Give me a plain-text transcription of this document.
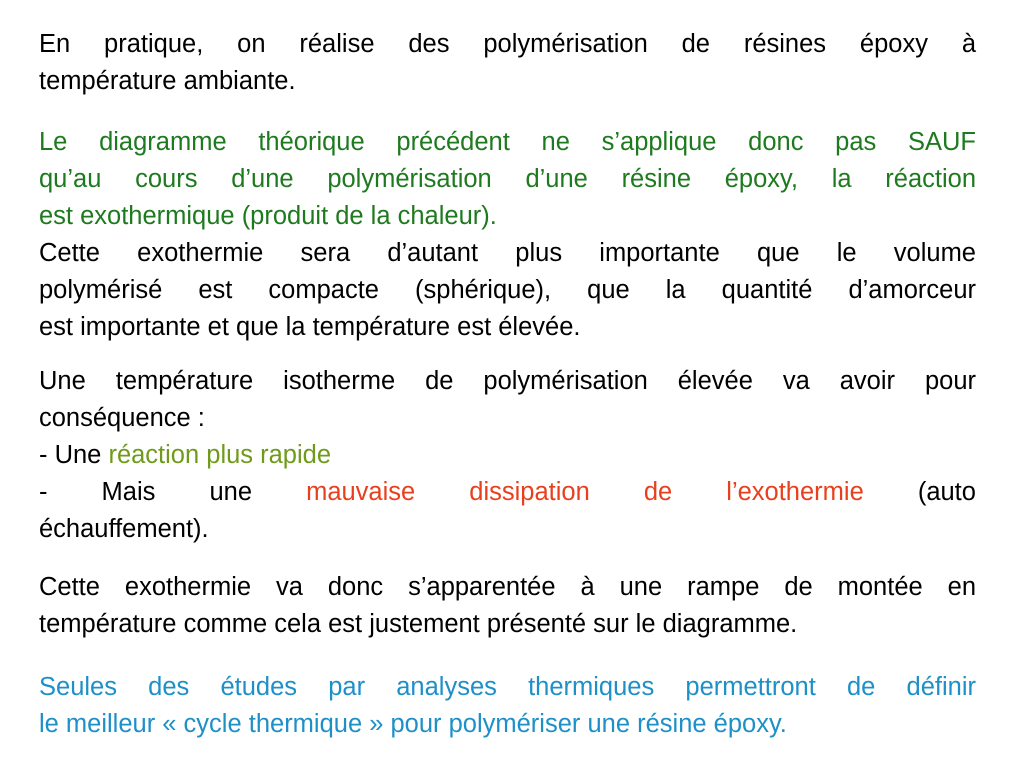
En pratique, on réalise des polymérisation de résines époxy à
température ambiante.

Le diagramme théorique précédent ne s’applique donc pas SAUF
qu’au cours d’une polymérisation d’une résine époxy, la réaction
est exothermique (produit de la chaleur).

Cette exothermie sera d’autant plus importante que le volume
polymérisé est compacte (sphérique), que la quantité d’amorceur
est importante et que la température est élevée.

Une température isotherme de polymérisation élevée va avoir pour
conséquence :
- Une réaction plus rapide
- Mais une mauvaise dissipation de l’exothermie (auto
échauffement).

Cette exothermie va donc s’apparentée à une rampe de montée en
température comme cela est justement présenté sur le diagramme.

Seules des études par analyses thermiques permettront de définir
le meilleur « cycle thermique » pour polymériser une résine époxy.
